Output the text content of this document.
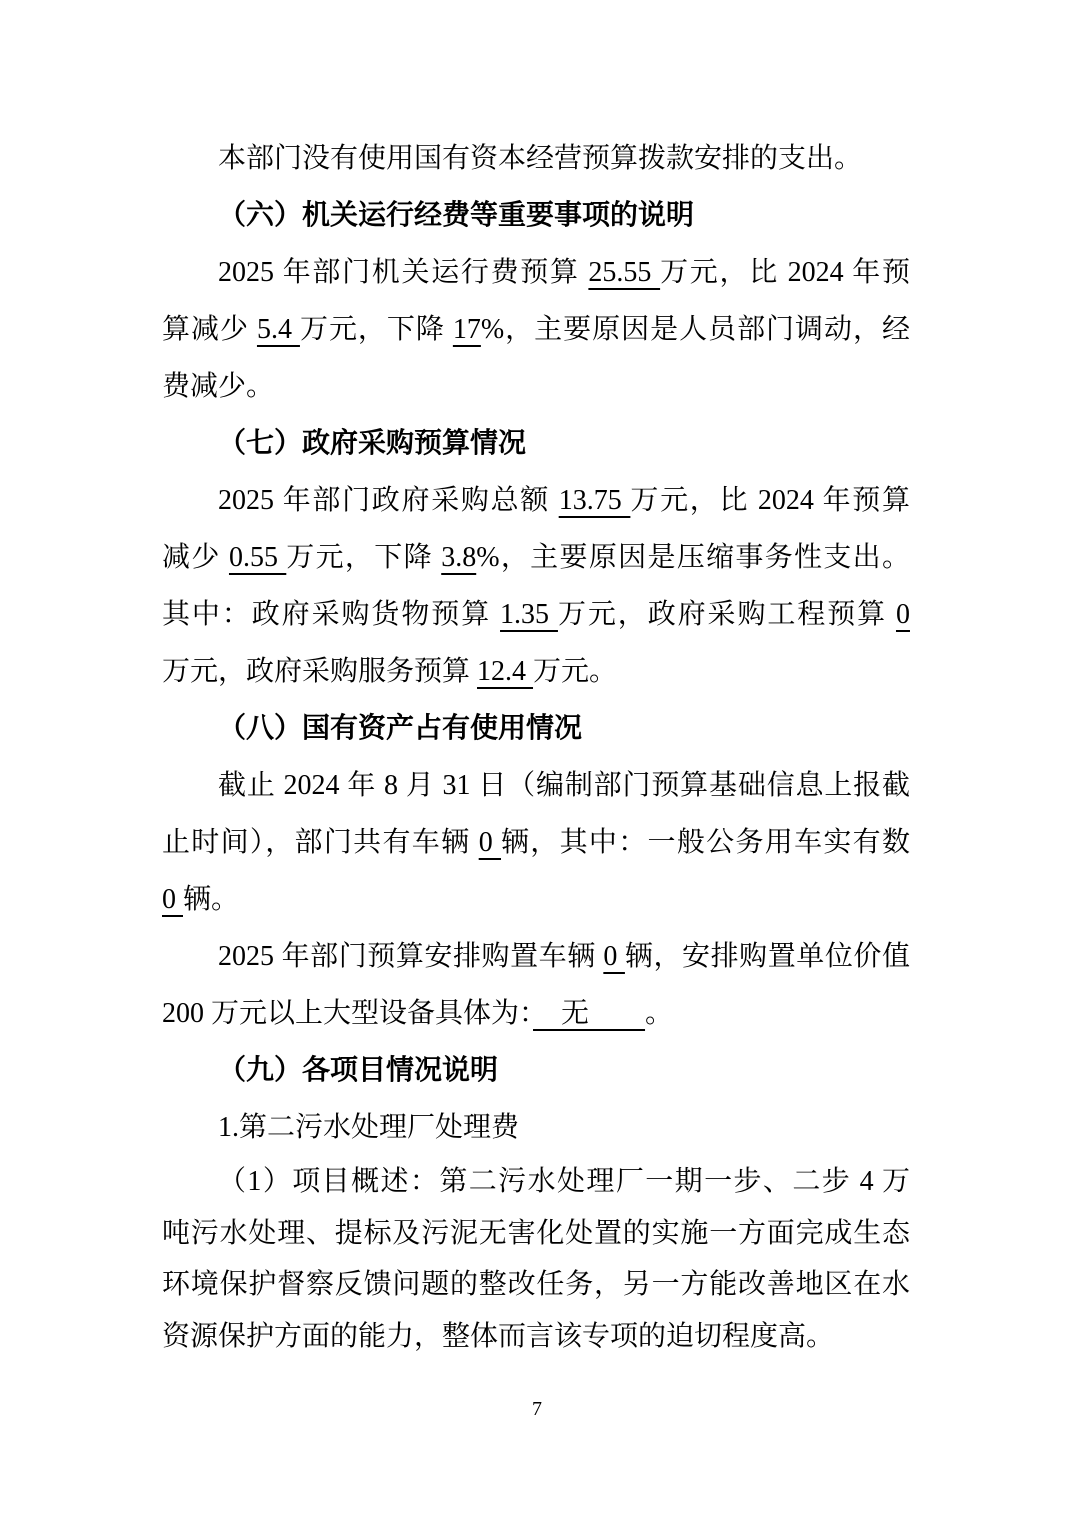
本部门没有使用国有资本经营预算拨款安排的支出。
（六）机关运行经费等重要事项的说明
2025 年部门机关运行费预算 25.55 万元，比 2024 年预
算减少 5.4 万元，下降 17%，主要原因是人员部门调动，经
费减少。
（七）政府采购预算情况
2025 年部门政府采购总额 13.75 万元，比 2024 年预算
减少 0.55 万元，下降 3.8%，主要原因是压缩事务性支出。
其中：政府采购货物预算 1.35 万元，政府采购工程预算 0
万元，政府采购服务预算 12.4 万元。
（八）国有资产占有使用情况
截止 2024 年 8 月 31 日（编制部门预算基础信息上报截
止时间），部门共有车辆 0 辆，其中：一般公务用车实有数
0 辆。
2025 年部门预算安排购置车辆 0 辆，安排购置单位价值
200 万元以上大型设备具体为：　无　　。
（九）各项目情况说明
1.第二污水处理厂处理费
（1）项目概述：第二污水处理厂一期一步、二步 4 万
吨污水处理、提标及污泥无害化处置的实施一方面完成生态
环境保护督察反馈问题的整改任务，另一方能改善地区在水
资源保护方面的能力，整体而言该专项的迫切程度高。
7
